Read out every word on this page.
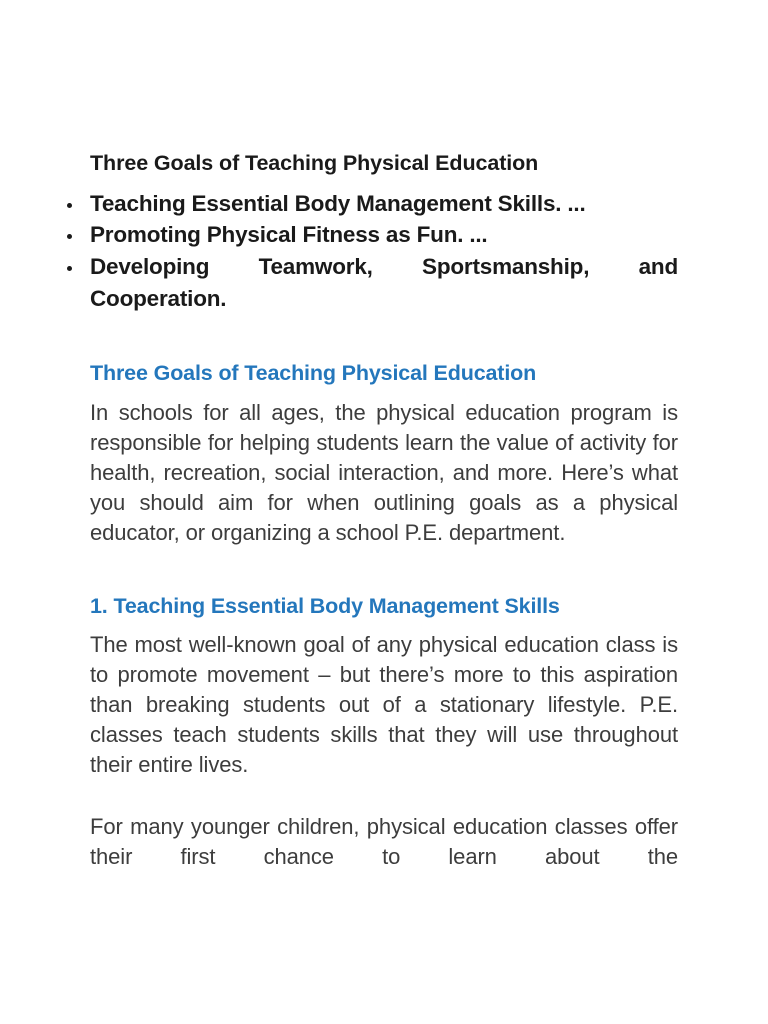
Three Goals of Teaching Physical Education

Teaching Essential Body Management Skills. ...
Promoting Physical Fitness as Fun. ...
Developing Teamwork, Sportsmanship, and
Cooperation.
Three Goals of Teaching Physical Education

In schools for all ages, the physical education program is responsible for helping students learn the value of activity for health, recreation, social interaction, and more. Here’s what you should aim for when outlining goals as a physical educator, or organizing a school P.E. department.

1. Teaching Essential Body Management Skills

The most well-known goal of any physical education class is to promote movement – but there’s more to this aspiration than breaking students out of a stationary lifestyle. P.E. classes teach students skills that they will use throughout their entire lives.

For many younger children, physical education classes offer their first chance to learn about the
